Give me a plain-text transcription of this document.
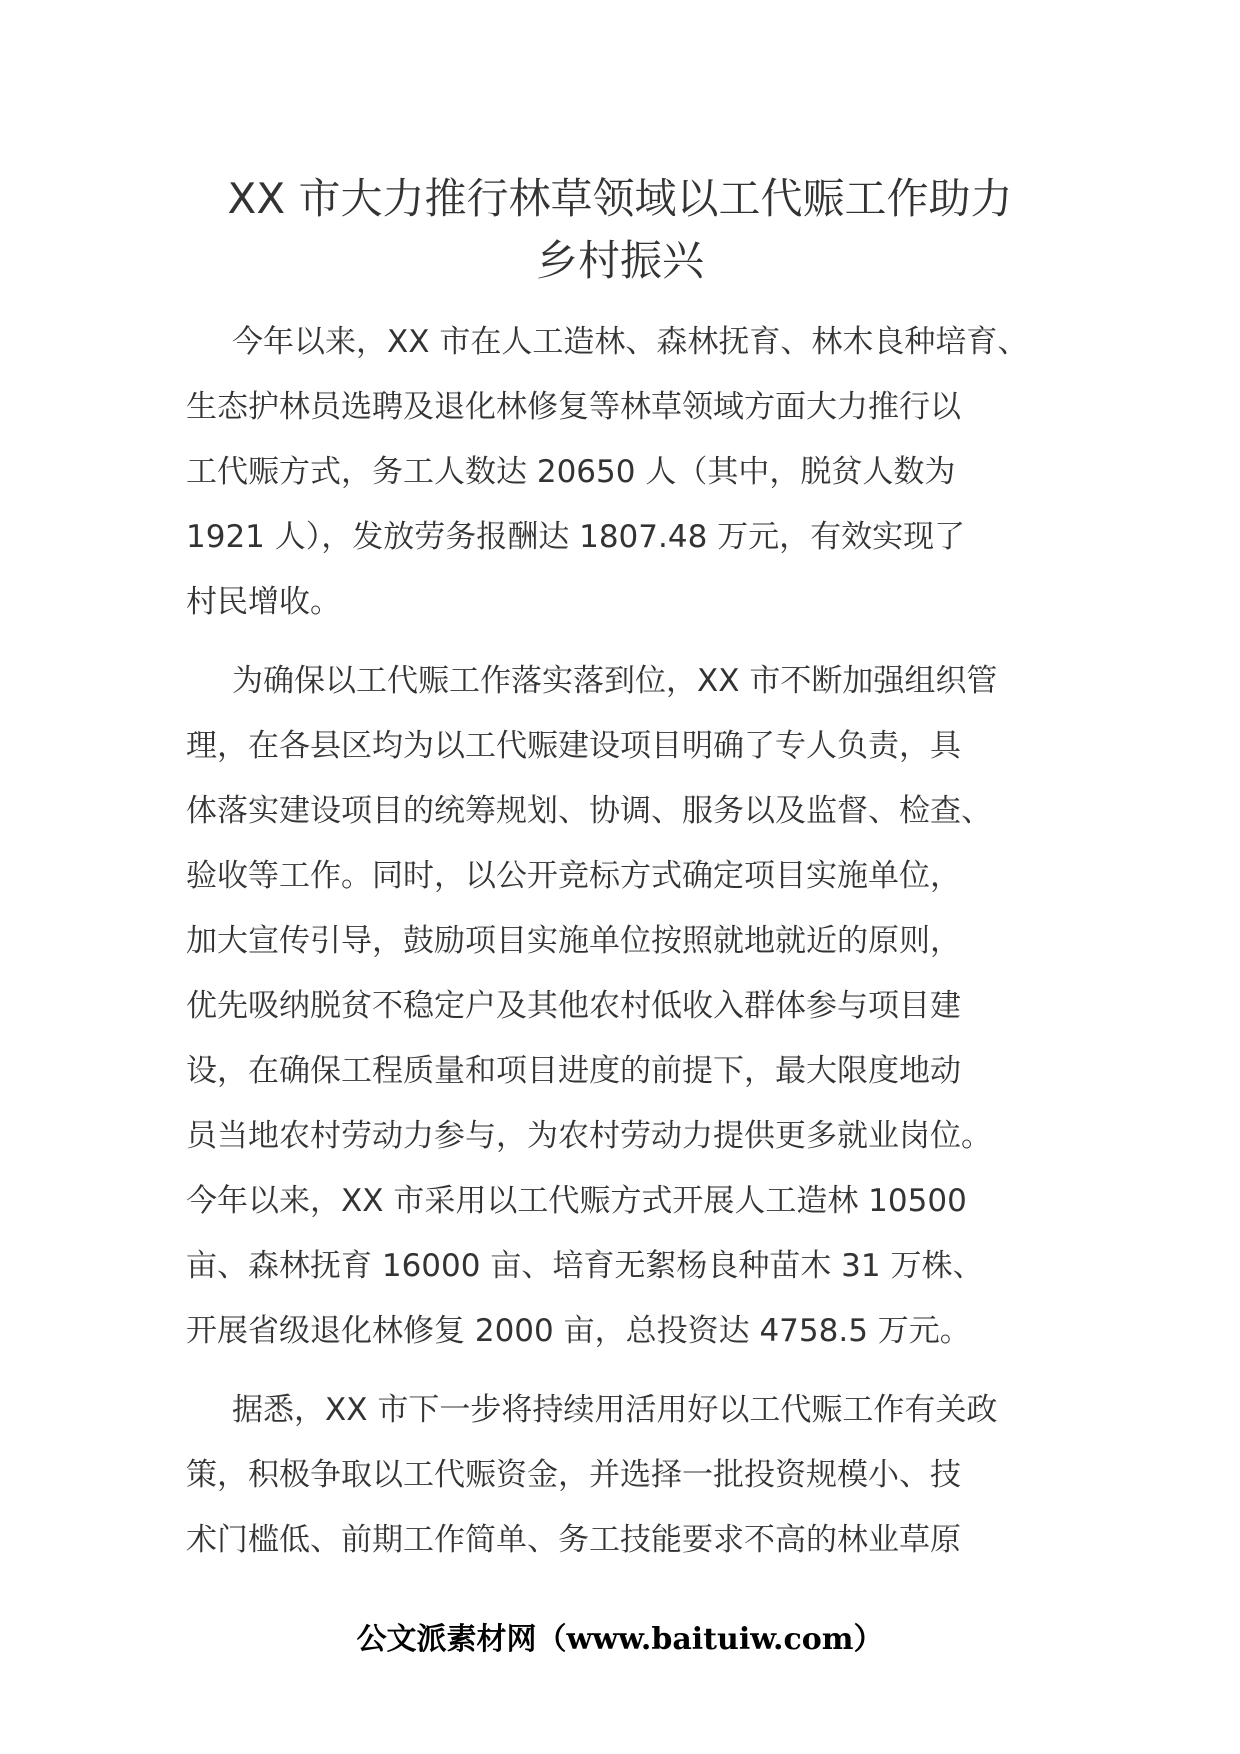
XX 市大力推行林草领域以工代赈工作助力
乡村振兴

今年以来，XX 市在人工造林、森林抚育、林木良种培育、
生态护林员选聘及退化林修复等林草领域方面大力推行以
工代赈方式，务工人数达 20650 人（其中，脱贫人数为
1921 人），发放劳务报酬达 1807.48 万元，有效实现了
村民增收。

为确保以工代赈工作落实落到位，XX 市不断加强组织管
理，在各县区均为以工代赈建设项目明确了专人负责，具
体落实建设项目的统筹规划、协调、服务以及监督、检查、
验收等工作。同时，以公开竞标方式确定项目实施单位，
加大宣传引导，鼓励项目实施单位按照就地就近的原则，
优先吸纳脱贫不稳定户及其他农村低收入群体参与项目建
设，在确保工程质量和项目进度的前提下，最大限度地动
员当地农村劳动力参与，为农村劳动力提供更多就业岗位。
今年以来，XX 市采用以工代赈方式开展人工造林 10500
亩、森林抚育 16000 亩、培育无絮杨良种苗木 31 万株、
开展省级退化林修复 2000 亩，总投资达 4758.5 万元。

据悉，XX 市下一步将持续用活用好以工代赈工作有关政
策，积极争取以工代赈资金，并选择一批投资规模小、技
术门槛低、前期工作简单、务工技能要求不高的林业草原

公文派素材网（www.baituiw.com）
